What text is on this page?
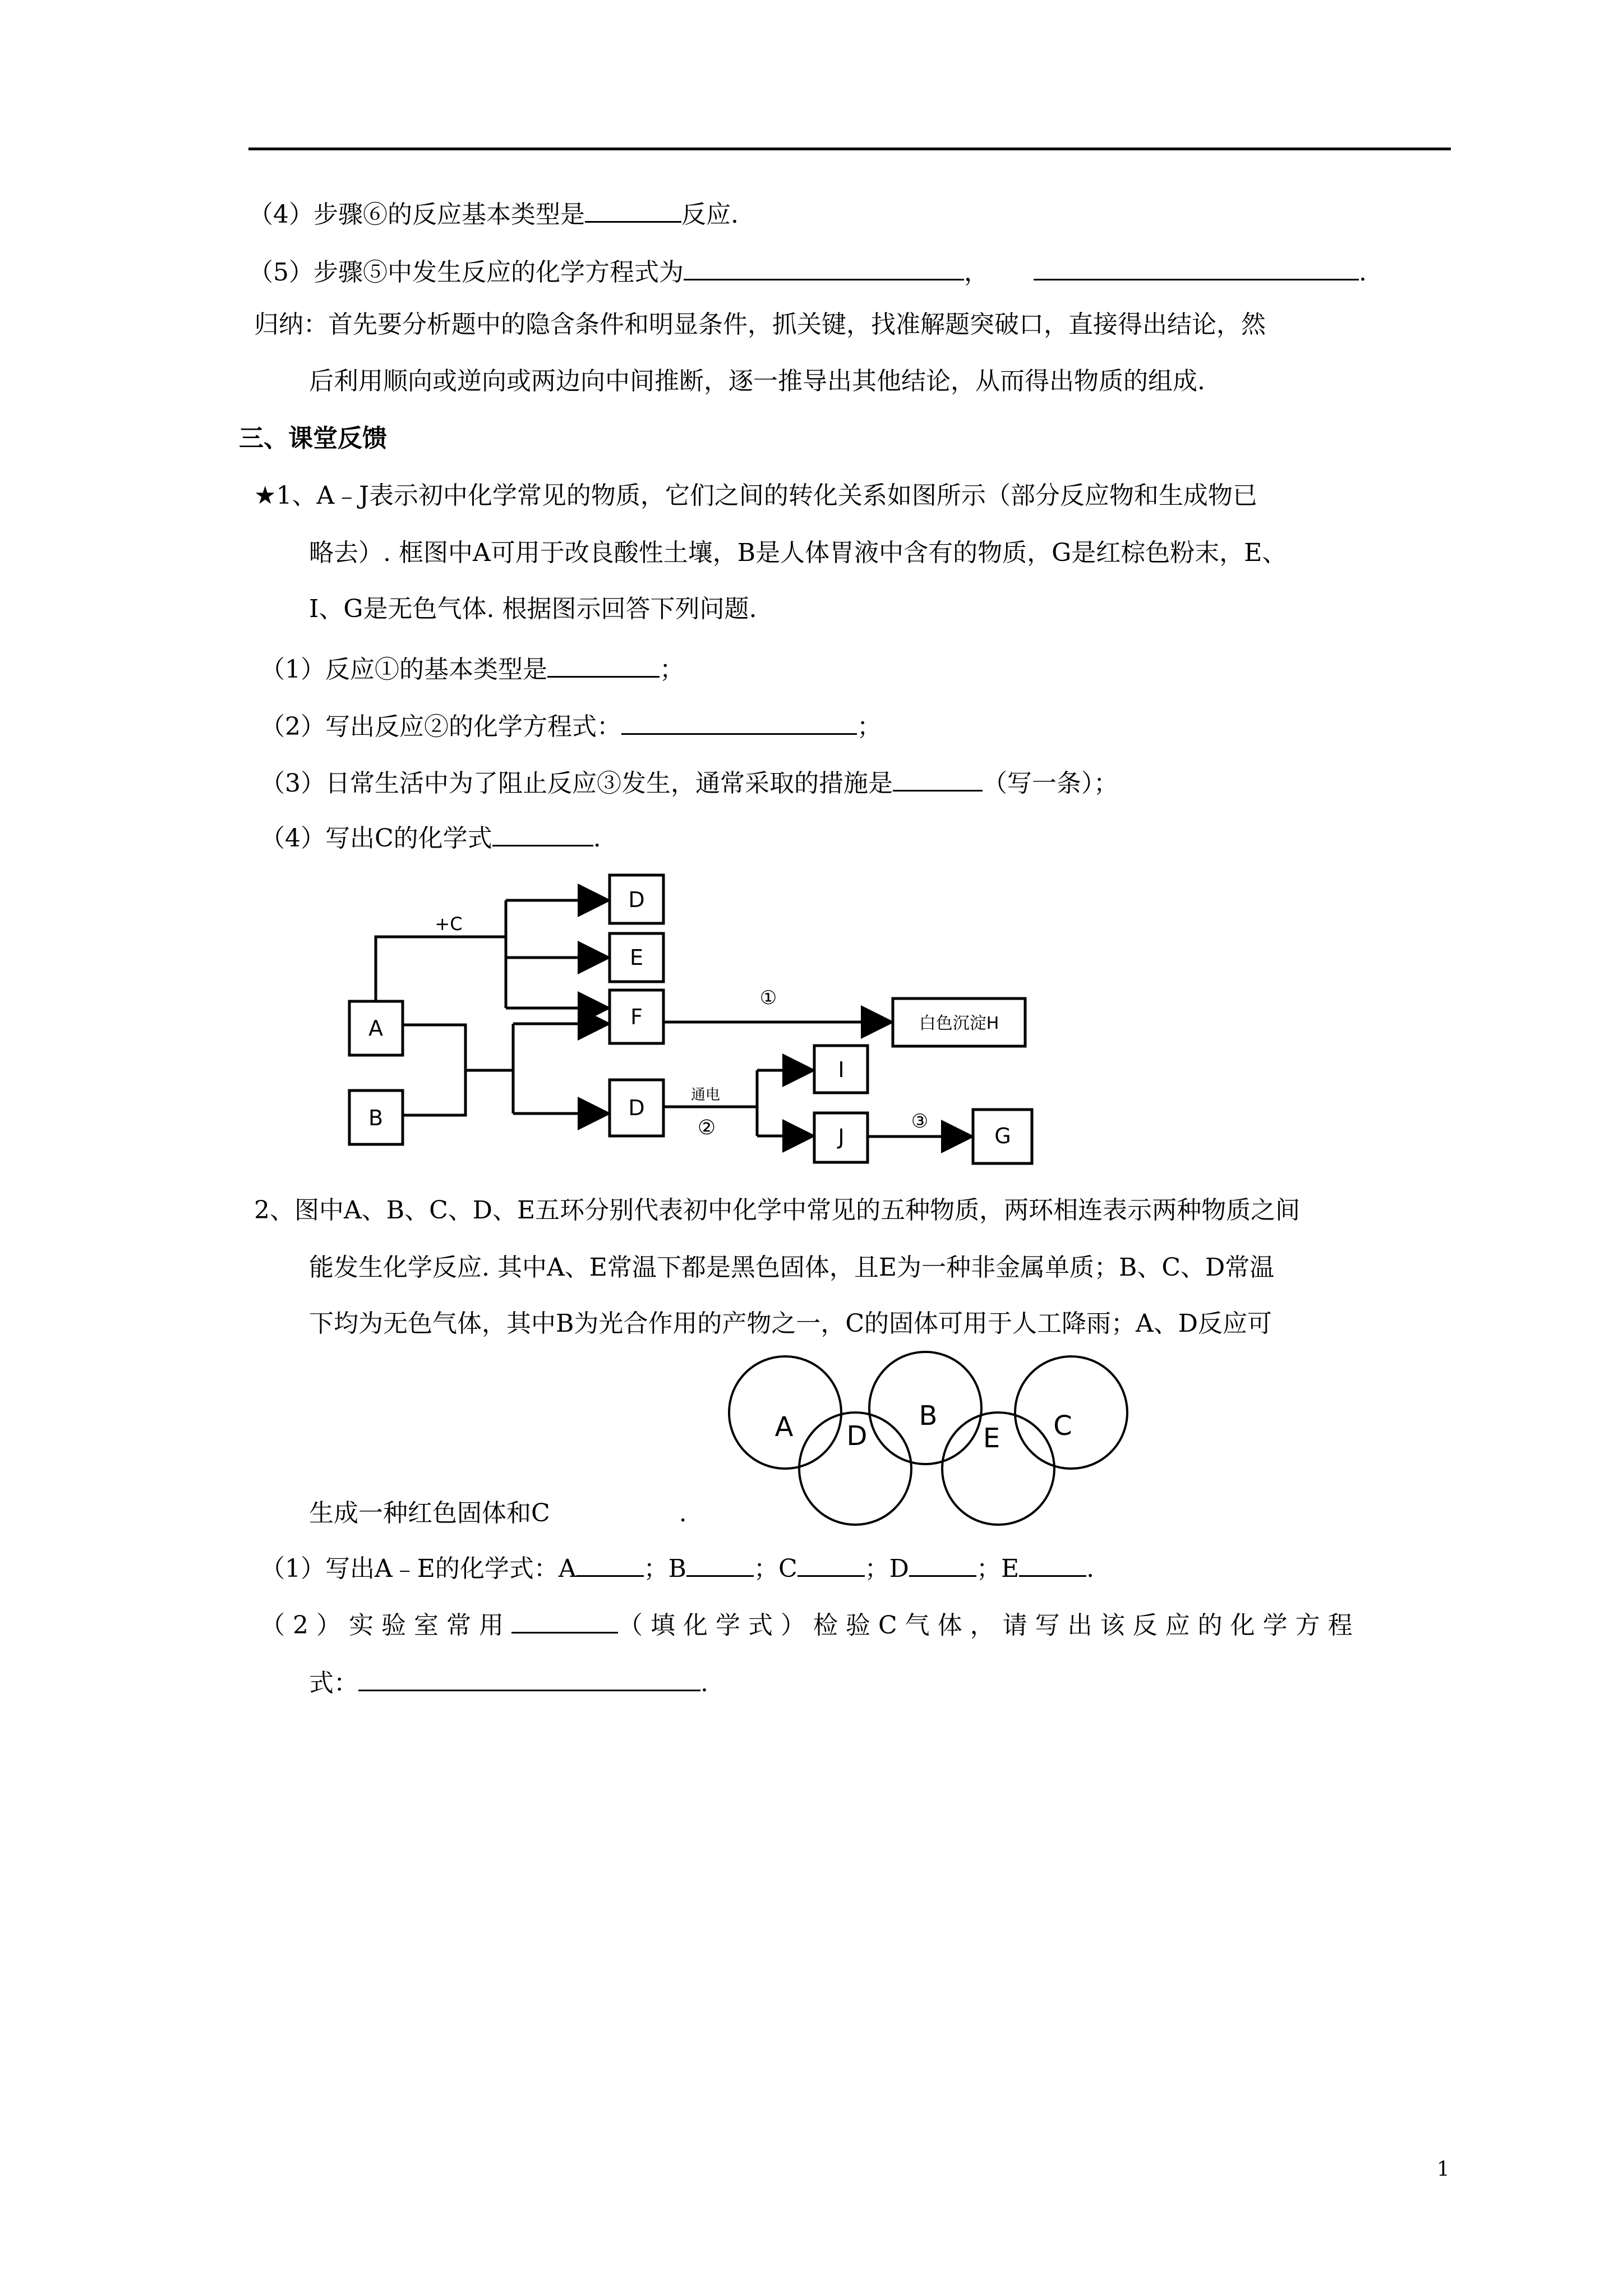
（4）步骤⑥的反应基本类型是	反应.
（5）步骤⑤中发生反应的化学方程式为	，	.
归纳：首先要分析题中的隐含条件和明显条件，抓关键，找准解题突破口，直接得出结论，然
后利用顺向或逆向或两边向中间推断，逐一推导出其他结论，从而得出物质的组成.
三、课堂反馈
★1、A﹣J表示初中化学常见的物质，它们之间的转化关系如图所示（部分反应物和生成物已
略去）. 框图中A可用于改良酸性土壤，B是人体胃液中含有的物质，G是红棕色粉末，E、
I、G是无色气体. 根据图示回答下列问题.
（1）反应①的基本类型是	；
（2）写出反应②的化学方程式：	；
（3）日常生活中为了阻止反应③发生，通常采取的措施是	（写一条）；
（4）写出C的化学式	.
A
B
D
E
F
D
I
J	G
白色沉淀H
+C
①
通电
②	③
2、图中A、B、C、D、E五环分别代表初中化学中常见的五种物质，两环相连表示两种物质之间
能发生化学反应. 其中A、E常温下都是黑色固体，且E为一种非金属单质；B、C、D常温
下均为无色气体，其中B为光合作用的产物之一，C的固体可用于人工降雨；A、D反应可
A D
B
E C
生成一种红色固体和C	.
（1）写出A﹣E的化学式：A	；B	；C	；D	；E	.
（2）实验室常用	（填化学式）检验C气体，请写出该反应的化学方程
式：	.
1
